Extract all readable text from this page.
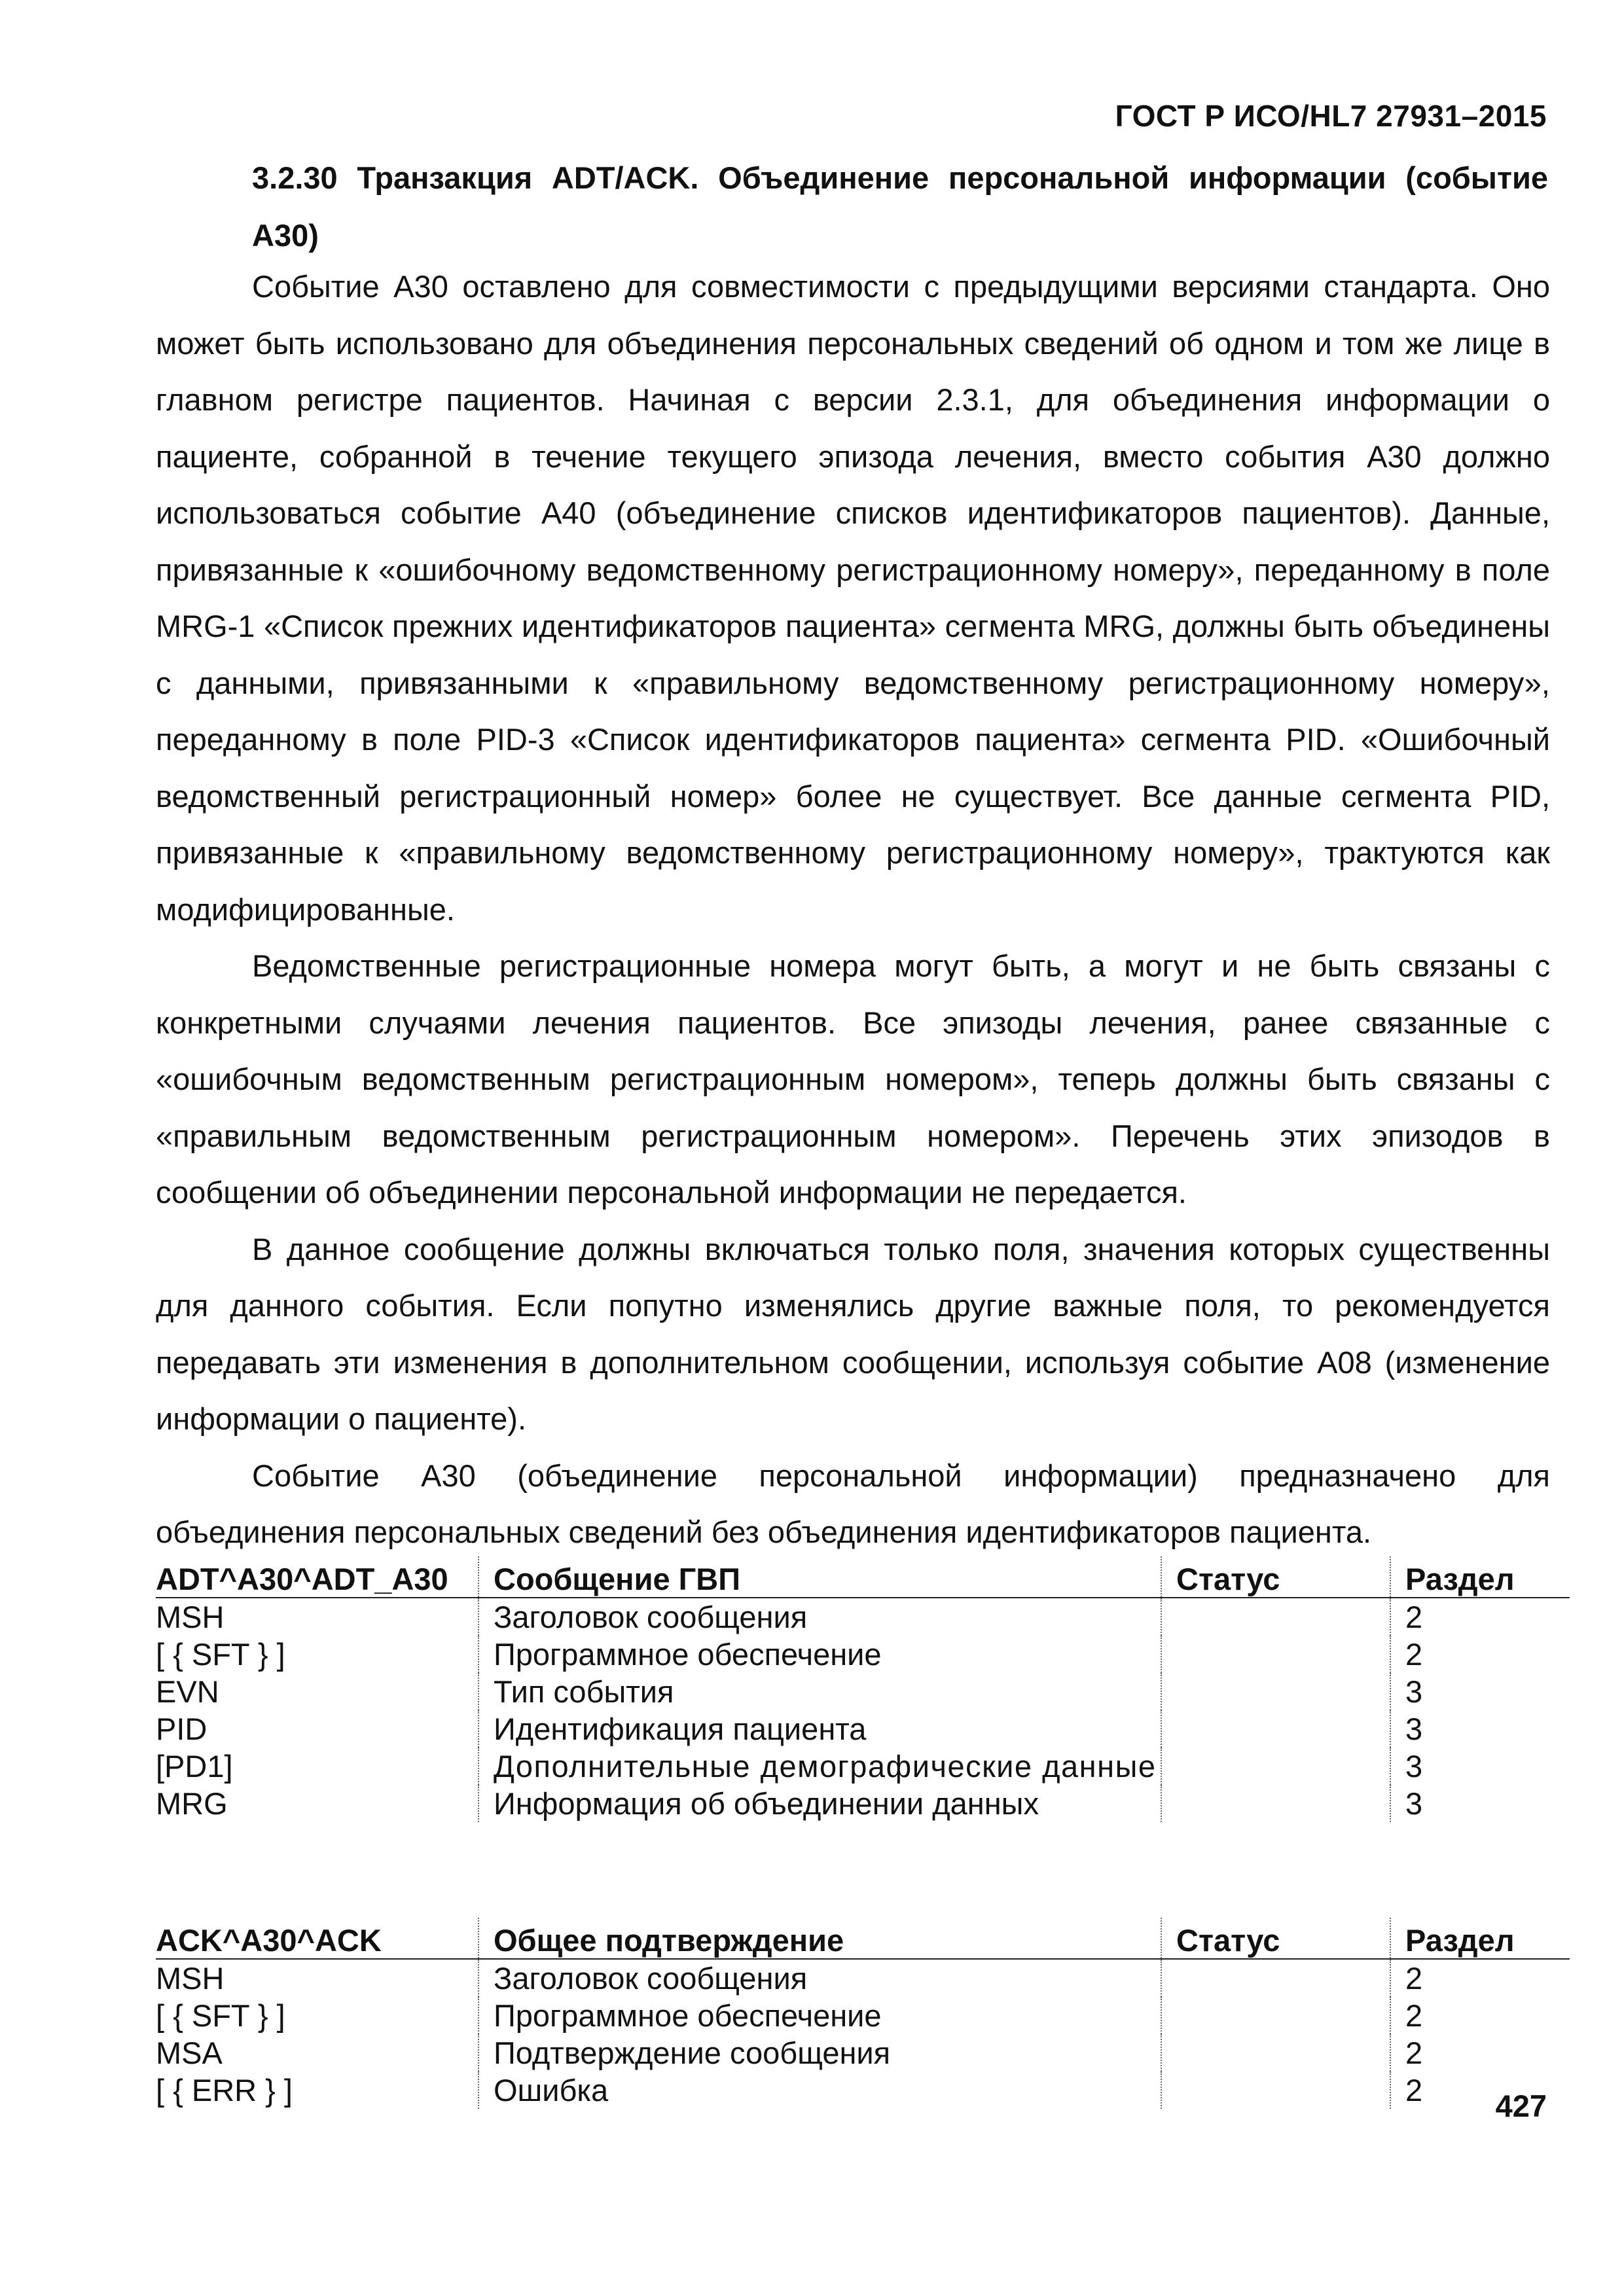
ГОСТ Р ИСО/HL7 27931–2015

3.2.30 Транзакция ADT/ACK. Объединение персональной информации (событие А30)

Событие А30 оставлено для совместимости с предыдущими версиями стандарта. Оно может быть использовано для объединения персональных сведений об одном и том же лице в главном регистре пациентов. Начиная с версии 2.3.1, для объединения информации о пациенте, собранной в течение текущего эпизода лечения, вместо события А30 должно использоваться событие А40 (объединение списков идентификаторов пациентов). Данные, привязанные к «ошибочному ведомственному регистрационному номеру», переданному в поле MRG-1 «Список прежних идентификаторов пациента» сегмента MRG, должны быть объединены с данными, привязанными к «правильному ведомственному регистрационному номеру», переданному в поле PID-3 «Список идентификаторов пациента» сегмента PID. «Ошибочный ведомственный регистрационный номер» более не существует. Все данные сегмента PID, привязанные к «правильному ведомственному регистрационному номеру», трактуются как модифицированные.

Ведомственные регистрационные номера могут быть, а могут и не быть связаны с конкретными случаями лечения пациентов. Все эпизоды лечения, ранее связанные с «ошибочным ведомственным регистрационным номером», теперь должны быть связаны с «правильным ведомственным регистрационным номером». Перечень этих эпизодов в сообщении об объединении персональной информации не передается.

В данное сообщение должны включаться только поля, значения которых существенны для данного события. Если попутно изменялись другие важные поля, то рекомендуется передавать эти изменения в дополнительном сообщении, используя событие А08 (изменение информации о пациенте).

Событие А30 (объединение персональной информации) предназначено для объединения персональных сведений без объединения идентификаторов пациента.

ADT^A30^ADT_A30	Сообщение ГВП	Статус	Раздел
MSH	Заголовок сообщения		2
[ { SFT } ]	Программное обеспечение		2
EVN	Тип события		3
PID	Идентификация пациента		3
[PD1]	Дополнительные демографические данные		3
MRG	Информация об объединении данных		3
ACK^A30^ACK	Общее подтверждение	Статус	Раздел
MSH	Заголовок сообщения		2
[ { SFT } ]	Программное обеспечение		2
MSA	Подтверждение сообщения		2
[ { ERR } ]	Ошибка		2 427
